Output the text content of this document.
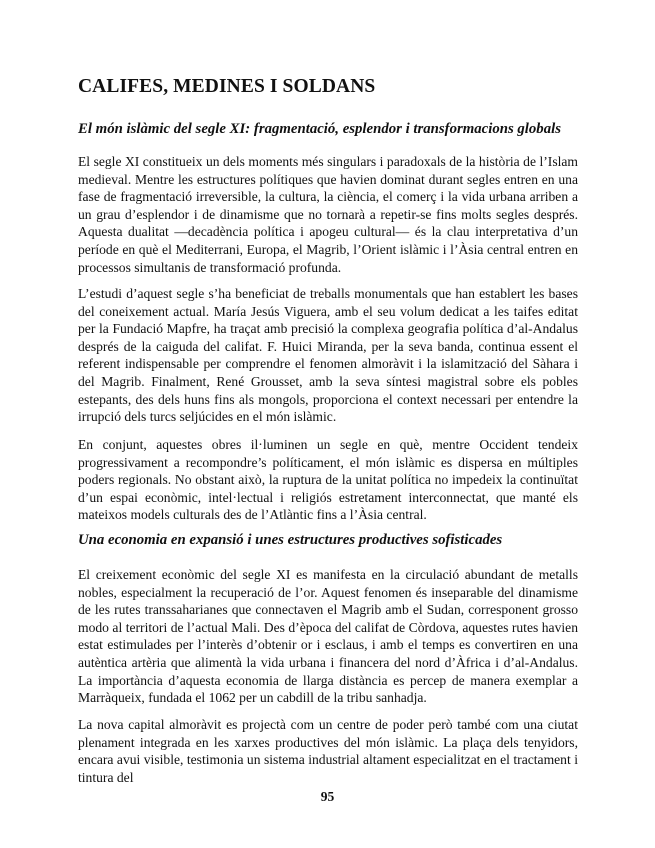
CALIFES, MEDINES I SOLDANS
El món islàmic del segle XI: fragmentació, esplendor i transformacions globals

El segle XI constitueix un dels moments més singulars i paradoxals de la història de l’Islam medieval. Mentre les estructures polítiques que havien dominat durant segles entren en una fase de fragmentació irreversible, la cultura, la ciència, el comerç i la vida urbana arriben a un grau d’esplendor i de dinamisme que no tornarà a repetir-se fins molts segles després. Aquesta dualitat —decadència política i apogeu cultural— és la clau interpretativa d’un període en què el Mediterrani, Europa, el Magrib, l’Orient islàmic i l’Àsia central entren en processos simultanis de transformació profunda.

L’estudi d’aquest segle s’ha beneficiat de treballs monumentals que han establert les bases del coneixement actual. María Jesús Viguera, amb el seu volum dedicat a les taifes editat per la Fundació Mapfre, ha traçat amb precisió la complexa geografia política d’al-Andalus després de la caiguda del califat. F. Huici Miranda, per la seva banda, continua essent el referent indispensable per comprendre el fenomen almoràvit i la islamització del Sàhara i del Magrib. Finalment, René Grousset, amb la seva síntesi magistral sobre els pobles estepants, des dels huns fins als mongols, proporciona el context necessari per entendre la irrupció dels turcs seljúcides en el món islàmic.

En conjunt, aquestes obres il·luminen un segle en què, mentre Occident tendeix progressivament a recompondre’s políticament, el món islàmic es dispersa en múltiples poders regionals. No obstant això, la ruptura de la unitat política no impedeix la continuïtat d’un espai econòmic, intel·lectual i religiós estretament interconnectat, que manté els mateixos models culturals des de l’Atlàntic fins a l’Àsia central.

Una economia en expansió i unes estructures productives sofisticades

El creixement econòmic del segle XI es manifesta en la circulació abundant de metalls nobles, especialment la recuperació de l’or. Aquest fenomen és inseparable del dinamisme de les rutes transsaharianes que connectaven el Magrib amb el Sudan, corresponent grosso modo al territori de l’actual Mali. Des d’època del califat de Còrdova, aquestes rutes havien estat estimulades per l’interès d’obtenir or i esclaus, i amb el temps es convertiren en una autèntica artèria que alimentà la vida urbana i financera del nord d’Àfrica i d’al-Andalus. La importància d’aquesta economia de llarga distància es percep de manera exemplar a Marràqueix, fundada el 1062 per un cabdill de la tribu sanhadja.

La nova capital almoràvit es projectà com un centre de poder però també com una ciutat plenament integrada en les xarxes productives del món islàmic. La plaça dels tenyidors, encara avui visible, testimonia un sistema industrial altament especialitzat en el tractament i tintura del

95
